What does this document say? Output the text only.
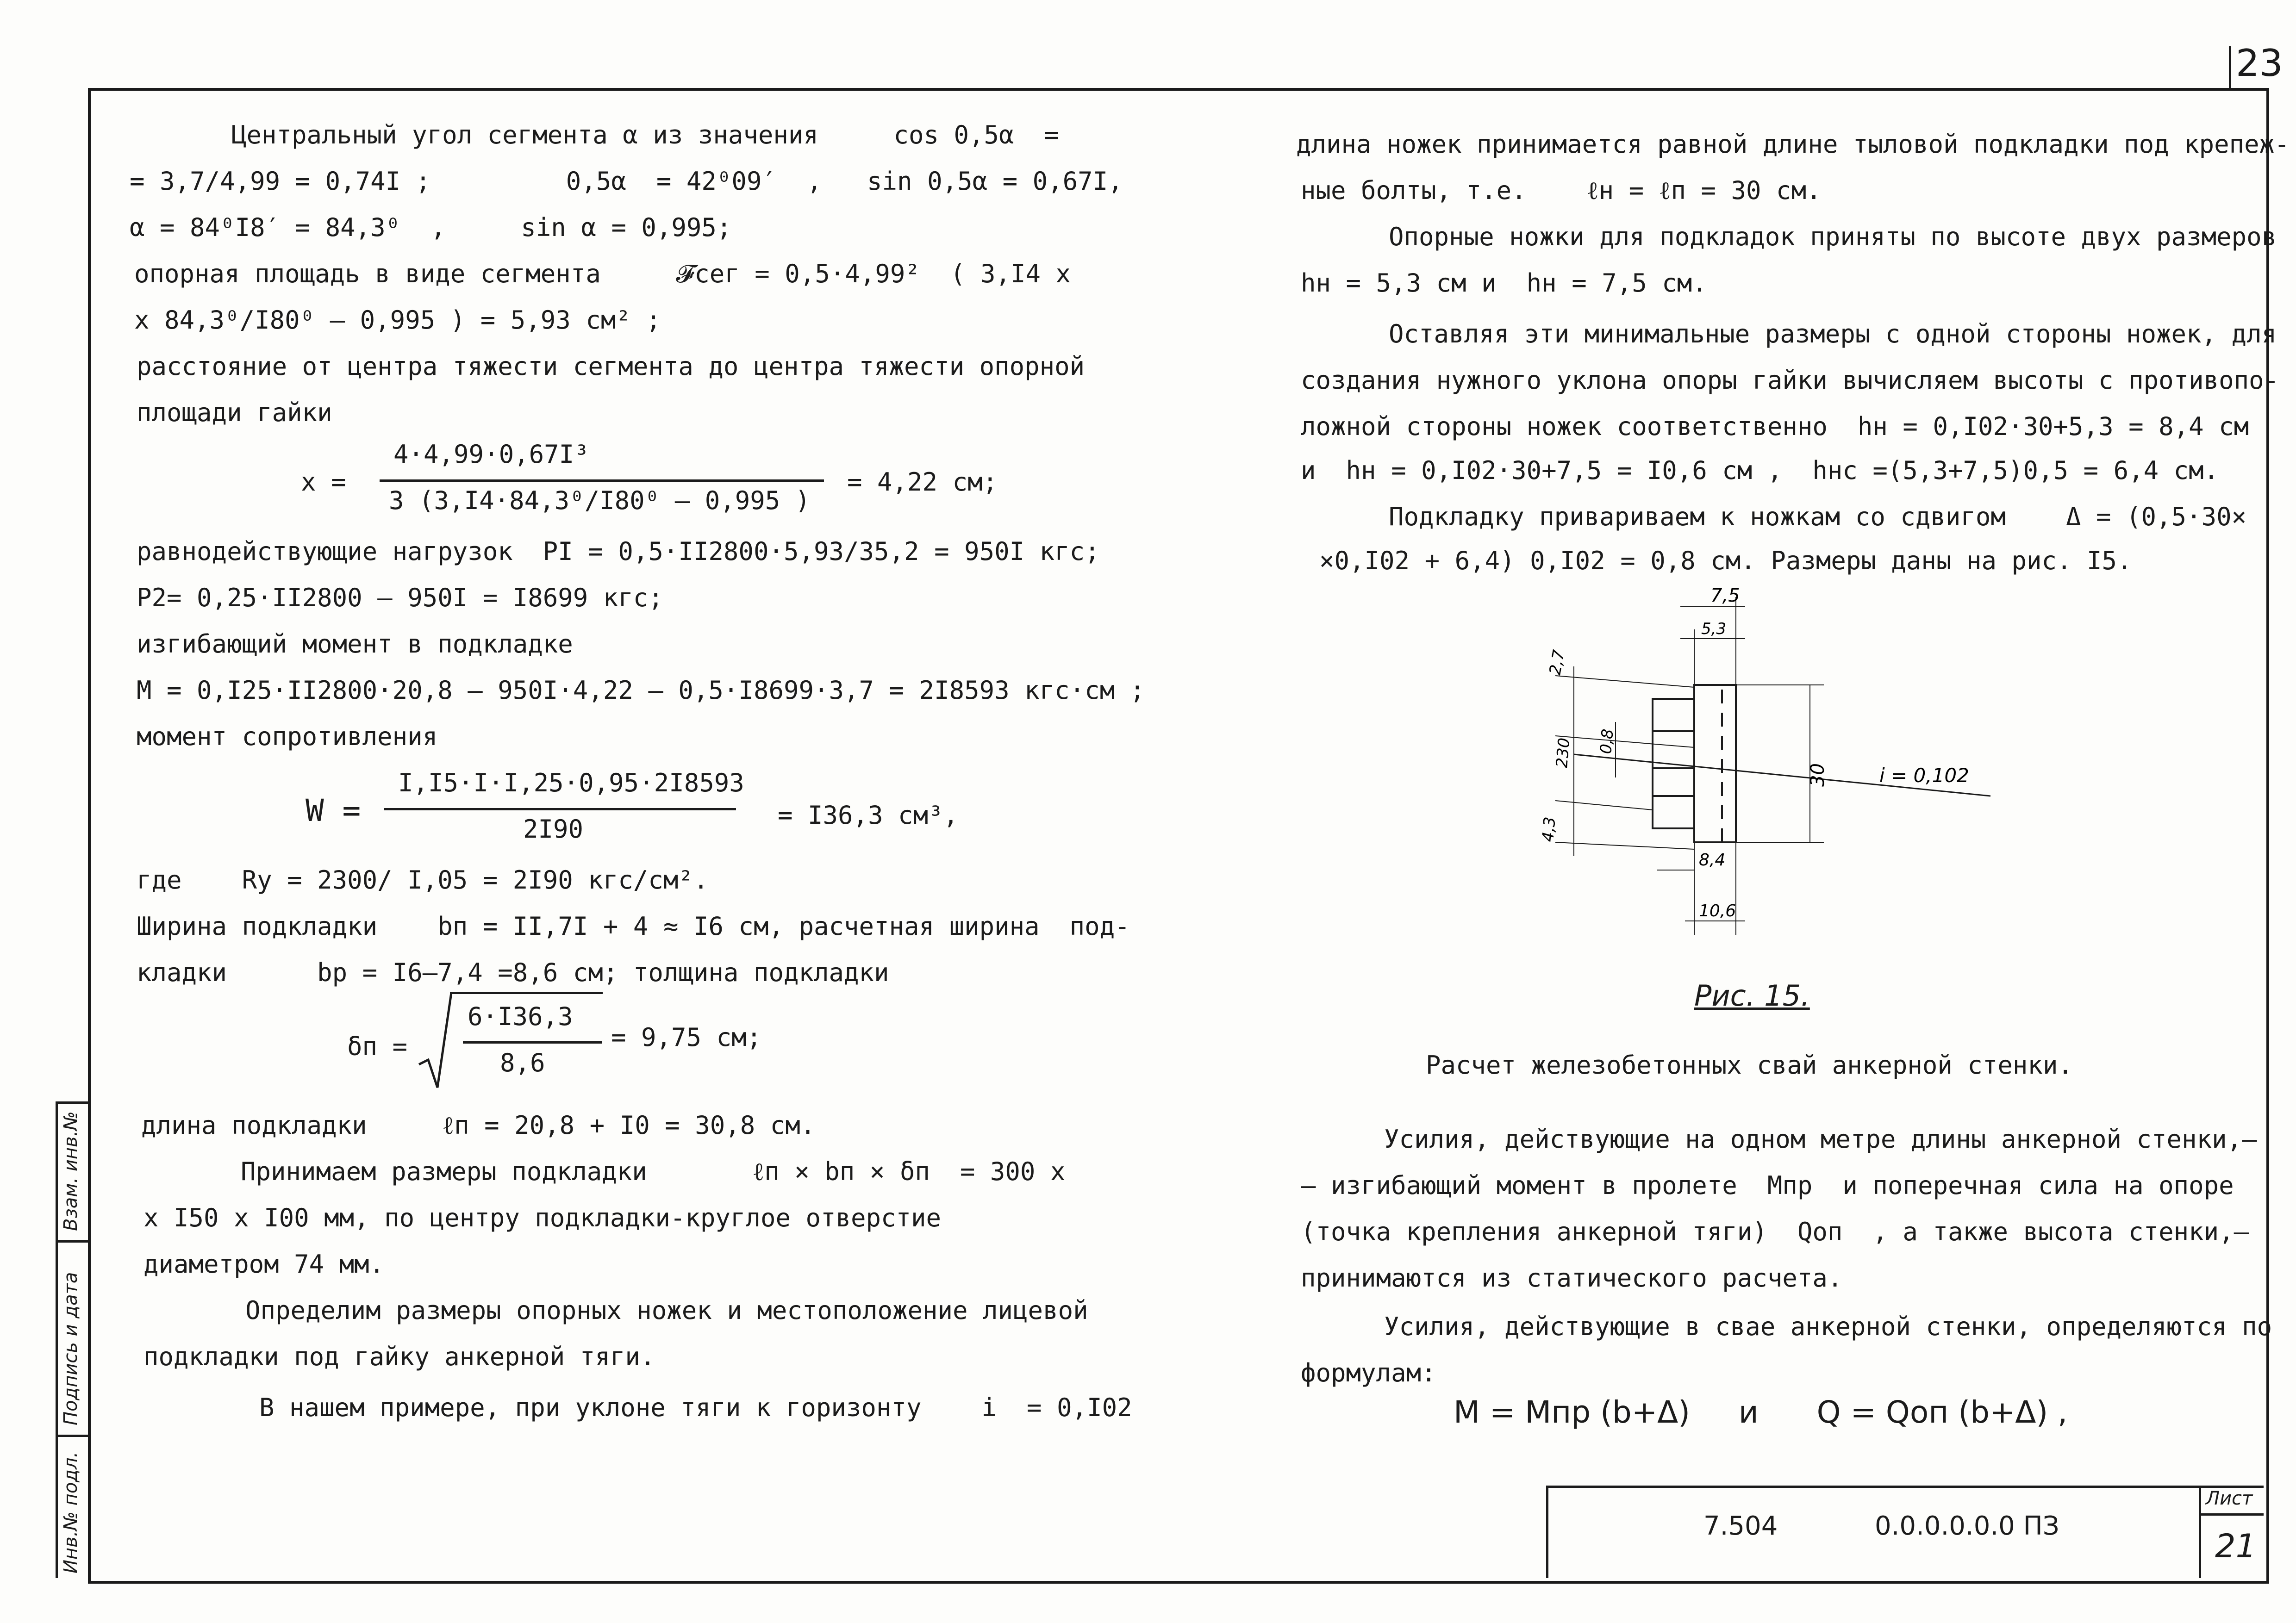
23
Инв.№ подл.
Подпись и дата
Взам. инв.№
Центральный угол сегмента α из значения     cos 0,5α  =
= 3,7/4,99 = 0,74I ;         0,5α  = 42⁰09′  ,   sin 0,5α = 0,67I,
α = 84⁰I8′ = 84,3⁰  ,     sin α = 0,995;
опорная площадь в виде сегмента     𝓕сег = 0,5·4,99²  ( 3,I4 x
x 84,3⁰/I80⁰ – 0,995 ) = 5,93 см² ;
расстояние от центра тяжести сегмента до центра тяжести опорной
площади гайки
x =
4·4,99·0,67I³
3 (3,I4·84,3⁰/I80⁰ – 0,995 )
= 4,22 см;
равнодействующие нагрузок  PI = 0,5·II2800·5,93/35,2 = 950I кгс;
P2= 0,25·II2800 – 950I = I8699 кгс;
изгибающий момент в подкладке
M = 0,I25·II2800·20,8 – 950I·4,22 – 0,5·I8699·3,7 = 2I8593 кгс·см ;
момент сопротивления
W =
I,I5·I·I,25·0,95·2I8593
2I90	= I36,3 см³,
где    Ry = 2300/ I,05 = 2I90 кгс/см².
Ширина подкладки    bп = II,7I + 4 ≈ I6 см, расчетная ширина  под-
кладки      bр = I6–7,4 =8,6 см; толщина подкладки
δп =
6·I36,3
8,6
= 9,75 см;
длина подкладки     ℓп = 20,8 + I0 = 30,8 см.
Принимаем размеры подкладки       ℓп × bп × δп  = 300 x
x I50 x I00 мм, по центру подкладки-круглое отверстие
диаметром 74 мм.
Определим размеры опорных ножек и местоположение лицевой
подкладки под гайку анкерной тяги.
В нашем примере, при уклоне тяги к горизонту    i  = 0,I02
длина ножек принимается равной длине тыловой подкладки под крепеж-
ные болты, т.е.    ℓн = ℓп = 30 см.
Опорные ножки для подкладок приняты по высоте двух размеров
hн = 5,3 см и  hн = 7,5 см.
Оставляя эти минимальные размеры с одной стороны ножек, для
создания нужного уклона опоры гайки вычисляем высоты с противопо-
ложной стороны ножек соответственно  hн = 0,I02·30+5,3 = 8,4 см
и  hн = 0,I02·30+7,5 = I0,6 см ,  hнс =(5,3+7,5)0,5 = 6,4 см.
Подкладку привариваем к ножкам со сдвигом    Δ = (0,5·30×
×0,I02 + 6,4) 0,I02 = 0,8 см. Размеры даны на рис. I5.
7,5
5,3
2,7
230 0,8
4,3
30	i = 0,102
8,4
10,6
Рис. 15.
Расчет железобетонных свай анкерной стенки.
Усилия, действующие на одном метре длины анкерной стенки,–
– изгибающий момент в пролете  Mпр  и поперечная сила на опоре
(точка крепления анкерной тяги)  Qоп  , а также высота стенки,–
принимаются из статического расчета.
Усилия, действующие в свае анкерной стенки, определяются по
формулам:
M = Mпр (b+Δ)     и      Q = Qоп (b+Δ) ,
7.504	0.0.0.0.0.0 ПЗ
Лист
21
